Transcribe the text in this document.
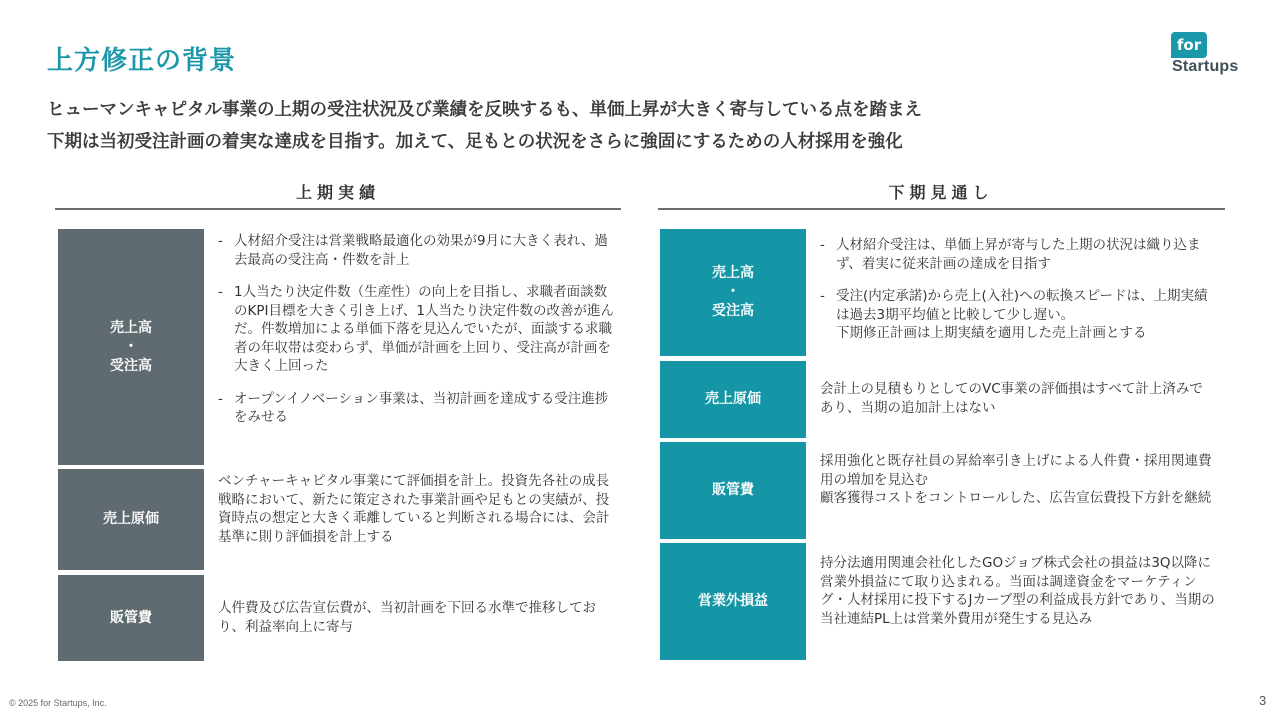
上方修正の背景
for
Startups
ヒューマンキャピタル事業の上期の受注状況及び業績を反映するも、単価上昇が大きく寄与している点を踏まえ
下期は当初受注計画の着実な達成を目指す。加えて、足もとの状況をさらに強固にするための人材採用を強化
上期実績
売上高
・
受注高
- 人材紹介受注は営業戦略最適化の効果が9月に大きく表れ、過去最高の受注高・件数を計上
- 1人当たり決定件数（生産性）の向上を目指し、求職者面談数のKPI目標を大きく引き上げ、1人当たり決定件数の改善が進んだ。件数増加による単価下落を見込んでいたが、面談する求職者の年収帯は変わらず、単価が計画を上回り、受注高が計画を大きく上回った
- オープンイノベーション事業は、当初計画を達成する受注進捗をみせる
売上原価
ベンチャーキャピタル事業にて評価損を計上。投資先各社の成長戦略において、新たに策定された事業計画や足もとの実績が、投資時点の想定と大きく乖離していると判断される場合には、会計基準に則り評価損を計上する
販管費
人件費及び広告宣伝費が、当初計画を下回る水準で推移しており、利益率向上に寄与
下期見通し
売上高
・
受注高
- 人材紹介受注は、単価上昇が寄与した上期の状況は織り込まず、着実に従来計画の達成を目指す
- 受注(内定承諾)から売上(入社)への転換スピードは、上期実績は過去3期平均値と比較して少し遅い。
下期修正計画は上期実績を適用した売上計画とする
売上原価
会計上の見積もりとしてのVC事業の評価損はすべて計上済みであり、当期の追加計上はない
販管費
採用強化と既存社員の昇給率引き上げによる人件費・採用関連費用の増加を見込む
顧客獲得コストをコントロールした、広告宣伝費投下方針を継続
営業外損益
持分法適用関連会社化したGOジョブ株式会社の損益は3Q以降に営業外損益にて取り込まれる。当面は調達資金をマーケティング・人材採用に投下するJカーブ型の利益成長方針であり、当期の当社連結PL上は営業外費用が発生する見込み
© 2025 for Startups, Inc.	3
